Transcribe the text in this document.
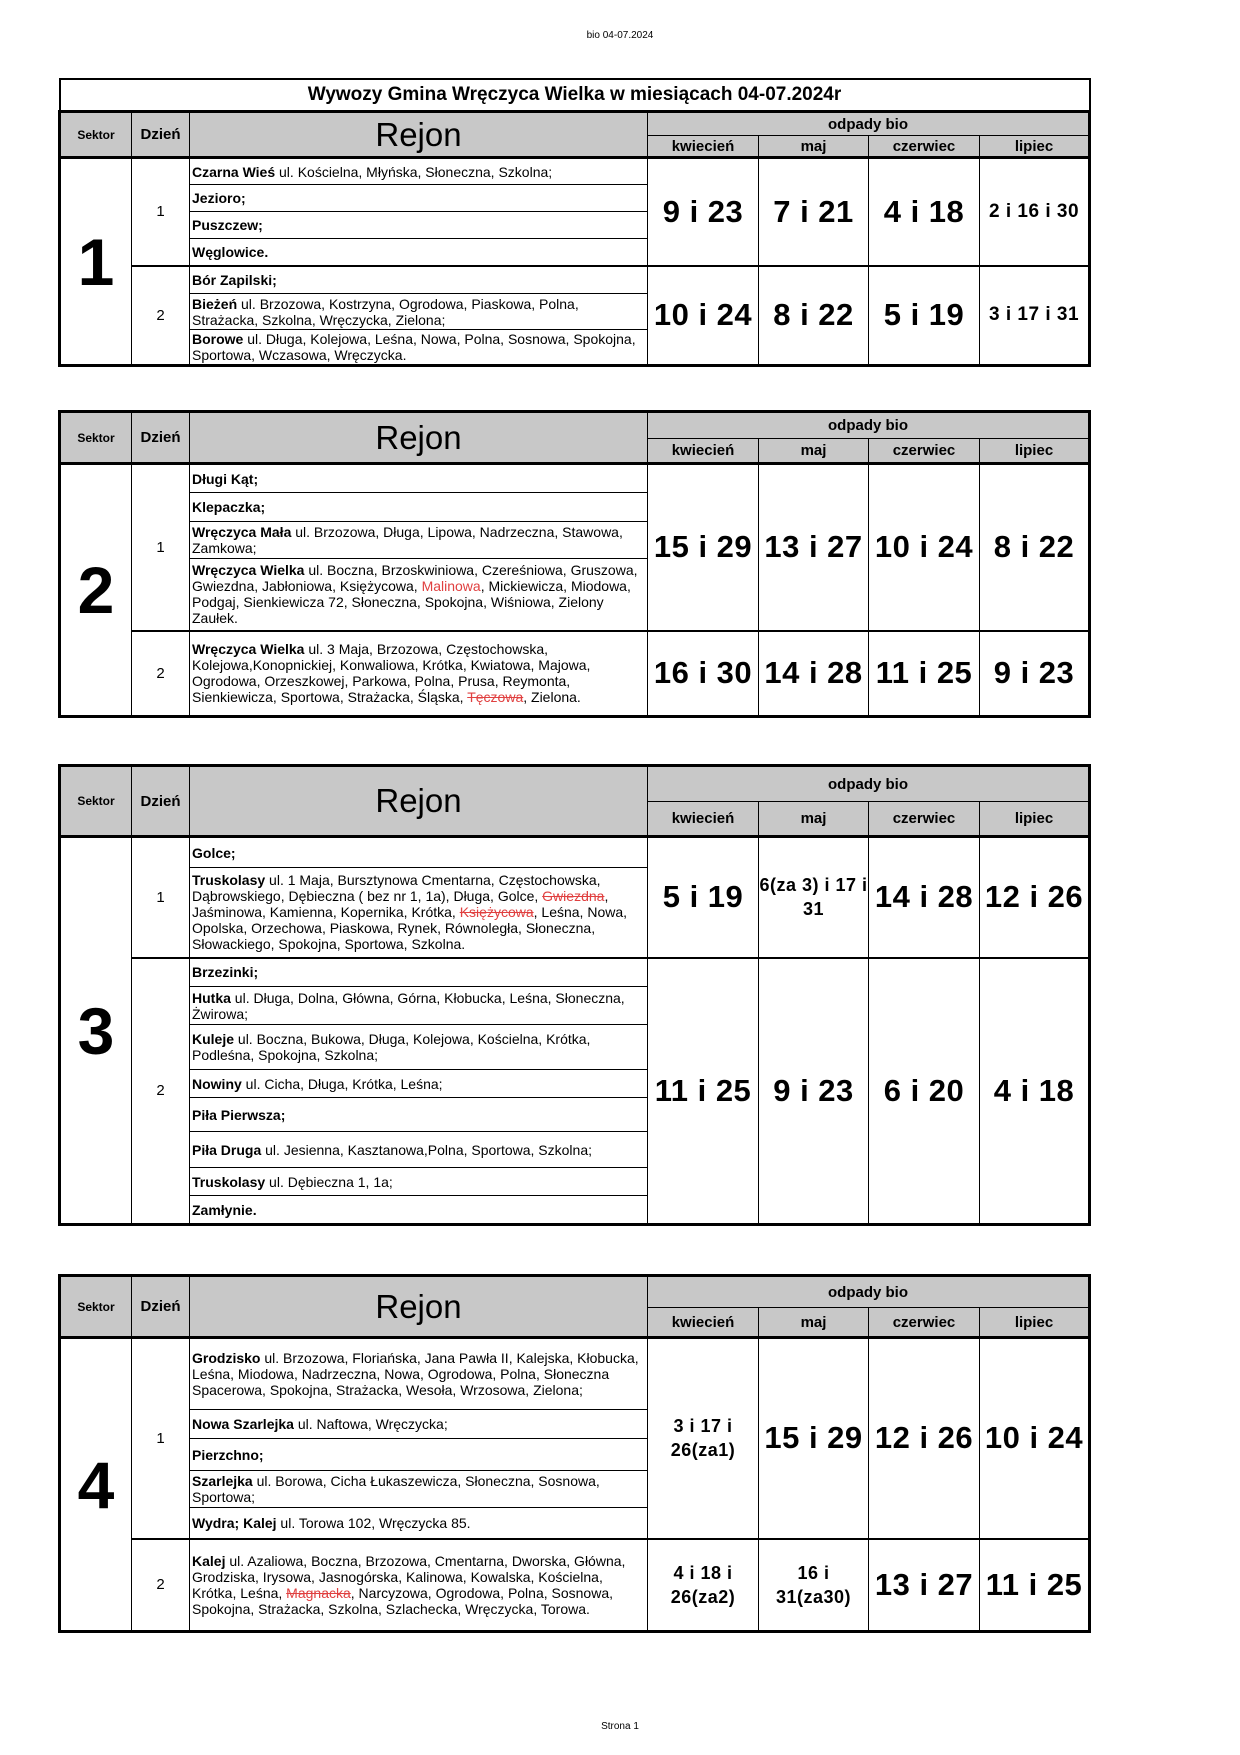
bio 04-07.2024
Wywozy Gmina Wręczyca Wielka w miesiącach 04-07.2024r						
Sektor	Dzień	Rejon	odpady bio			
			kwiecień	maj	czerwiec	lipiec
1	1	Czarna Wieś ul. Kościelna, Młyńska, Słoneczna, Szkolna;	9 i 23	7 i 21	4 i 18	2 i 16 i 30
		Jezioro;				
		Puszczew;				
		Węglowice.				
	2	Bór Zapilski;	10 i 24	8 i 22	5 i 19	3 i 17 i 31
		Bieżeń ul. Brzozowa, Kostrzyna, Ogrodowa, Piaskowa, Polna, Strażacka, Szkolna, Wręczycka, Zielona;				
		Borowe ul. Długa, Kolejowa, Leśna, Nowa, Polna, Sosnowa, Spokojna, Sportowa, Wczasowa, Wręczycka.				
Sektor	Dzień	Rejon	odpady bio			
			kwiecień	maj	czerwiec	lipiec
2	1	Długi Kąt;	15 i 29	13 i 27	10 i 24	8 i 22
		Klepaczka;				
		Wręczyca Mała ul. Brzozowa, Długa, Lipowa, Nadrzeczna, Stawowa, Zamkowa;				
		Wręczyca Wielka ul. Boczna, Brzoskwiniowa, Czereśniowa, Gruszowa, Gwiezdna, Jabłoniowa, Księżycowa, Malinowa, Mickiewicza, Miodowa, Podgaj, Sienkiewicza 72, Słoneczna, Spokojna, Wiśniowa, Zielony Zaułek.				
	2	Wręczyca Wielka ul. 3 Maja, Brzozowa, Częstochowska, Kolejowa,Konopnickiej, Konwaliowa, Krótka, Kwiatowa, Majowa, Ogrodowa, Orzeszkowej, Parkowa, Polna, Prusa, Reymonta, Sienkiewicza, Sportowa, Strażacka, Śląska, Tęczowa, Zielona.	16 i 30	14 i 28	11 i 25	9 i 23
Sektor	Dzień	Rejon	odpady bio			
			kwiecień	maj	czerwiec	lipiec
3	1	Golce;	5 i 19	6(za 3) i 17 i 31	14 i 28	12 i 26
		Truskolasy ul. 1 Maja, Bursztynowa Cmentarna, Częstochowska, Dąbrowskiego, Dębieczna ( bez nr 1, 1a), Długa, Golce, Gwiezdna, Jaśminowa, Kamienna, Kopernika, Krótka, Księżycowa, Leśna, Nowa, Opolska, Orzechowa, Piaskowa, Rynek, Równoległa, Słoneczna, Słowackiego, Spokojna, Sportowa, Szkolna.				
	2	Brzezinki;	11 i 25	9 i 23	6 i 20	4 i 18
		Hutka ul. Długa, Dolna, Główna, Górna, Kłobucka, Leśna, Słoneczna, Żwirowa;				
		Kuleje ul. Boczna, Bukowa, Długa, Kolejowa, Kościelna, Krótka, Podleśna, Spokojna, Szkolna;				
		Nowiny ul. Cicha, Długa, Krótka, Leśna;				
		Piła Pierwsza;				
		Piła Druga ul. Jesienna, Kasztanowa,Polna, Sportowa, Szkolna;				
		Truskolasy ul. Dębieczna 1, 1a;				
		Zamłynie.				
Sektor	Dzień	Rejon	odpady bio			
			kwiecień	maj	czerwiec	lipiec
4	1	Grodzisko ul. Brzozowa, Floriańska, Jana Pawła II, Kalejska, Kłobucka, Leśna, Miodowa, Nadrzeczna, Nowa, Ogrodowa, Polna, Słoneczna Spacerowa, Spokojna, Strażacka, Wesoła, Wrzosowa, Zielona;	3 i 17 i 26(za1)	15 i 29	12 i 26	10 i 24
		Nowa Szarlejka ul. Naftowa, Wręczycka;				
		Pierzchno;				
		Szarlejka ul. Borowa, Cicha Łukaszewicza, Słoneczna, Sosnowa, Sportowa;				
		Wydra; Kalej ul. Torowa 102, Wręczycka 85.				
	2	Kalej ul. Azaliowa, Boczna, Brzozowa, Cmentarna, Dworska, Główna, Grodziska, Irysowa, Jasnogórska, Kalinowa, Kowalska, Kościelna, Krótka, Leśna, Magnacka, Narcyzowa, Ogrodowa, Polna, Sosnowa, Spokojna, Strażacka, Szkolna, Szlachecka, Wręczycka, Torowa.	4 i 18 i 26(za2)	16 i 31(za30)	13 i 27	11 i 25
Strona 1
